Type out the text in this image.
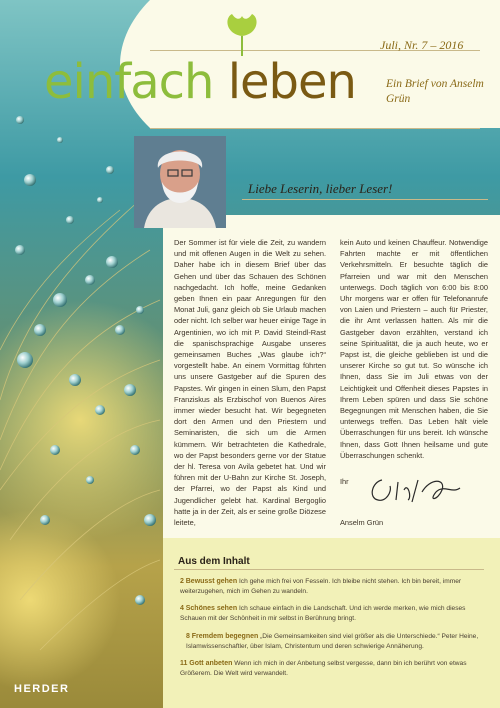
Juli, Nr. 7 – 2016
einfach leben	Ein Brief von Anselm Grün
Liebe Leserin, lieber Leser!

Der Sommer ist für viele die Zeit, zu wandern und mit offenen Augen in die Welt zu sehen. Daher habe ich in diesem Brief über das Gehen und über das Schauen des Schönen nachgedacht. Ich hoffe, meine Gedanken geben Ihnen ein paar Anregungen für den Monat Juli, ganz gleich ob Sie Urlaub machen oder nicht. Ich selber war heuer einige Tage in Argentinien, wo ich mit P. David Steindl-Rast die spanischsprachige Ausgabe unseres gemeinsamen Buches „Was glaube ich?“ vorgestellt habe. An einem Vormittag führten uns unsere Gastgeber auf die Spuren des Papstes. Wir gingen in einen Slum, den Papst Franziskus als Erzbischof von Buenos Aires immer wieder besucht hat. Wir begegneten dort den Armen und den Priestern und Seminaristen, die sich um die Armen kümmern. Wir betrachteten die Kathedrale, wo der Papst besonders gerne vor der Statue der hl. Teresa von Avila gebetet hat. Und wir führen mit der U-Bahn zur Kirche St. Joseph, der Pfarrei, wo der Papst als Kind und Jugendlicher gelebt hat. Kardinal Bergoglio hatte ja in der Zeit, als er seine große Diözese leitete,

kein Auto und keinen Chauffeur. Notwendige Fahrten machte er mit öffentlichen Verkehrsmitteln. Er besuchte täglich die Pfarreien und war mit den Menschen unterwegs. Doch täglich von 6:00 bis 8:00 Uhr morgens war er offen für Telefonanrufe von Laien und Priestern – auch für Priester, die ihr Amt verlassen hatten. Als mir die Gastgeber davon erzählten, verstand ich seine Spiritualität, die ja auch heute, wo er Papst ist, die gleiche geblieben ist und die unserer Kirche so gut tut. So wünsche ich Ihnen, dass Sie im Juli etwas von der Leichtigkeit und Offenheit dieses Papstes in Ihrem Leben spüren und dass Sie schöne Begegnungen mit Menschen haben, die Sie unterwegs treffen. Das Leben hält viele Überraschungen für uns bereit. Ich wünsche Ihnen, dass Gott Ihnen heilsame und gute Überraschungen schenkt.

Ihr
Anselm Grün
Aus dem Inhalt
2 Bewusst gehen Ich gehe mich frei von Fesseln. Ich bleibe nicht stehen. Ich bin bereit, immer weiterzugehen, mich im Gehen zu wandeln.
4 Schönes sehen Ich schaue einfach in die Landschaft. Und ich werde merken, wie mich dieses Schauen mit der Schönheit in mir selbst in Berührung bringt.
8 Fremdem begegnen „Die Gemeinsamkeiten sind viel größer als die Unterschiede.“ Peter Heine, Islamwissenschaftler, über Islam, Christentum und deren schwierige Annäherung.
11 Gott anbeten Wenn ich mich in der Anbetung selbst vergesse, dann bin ich berührt von etwas Größerem. Die Welt wird verwandelt.
HERDER
